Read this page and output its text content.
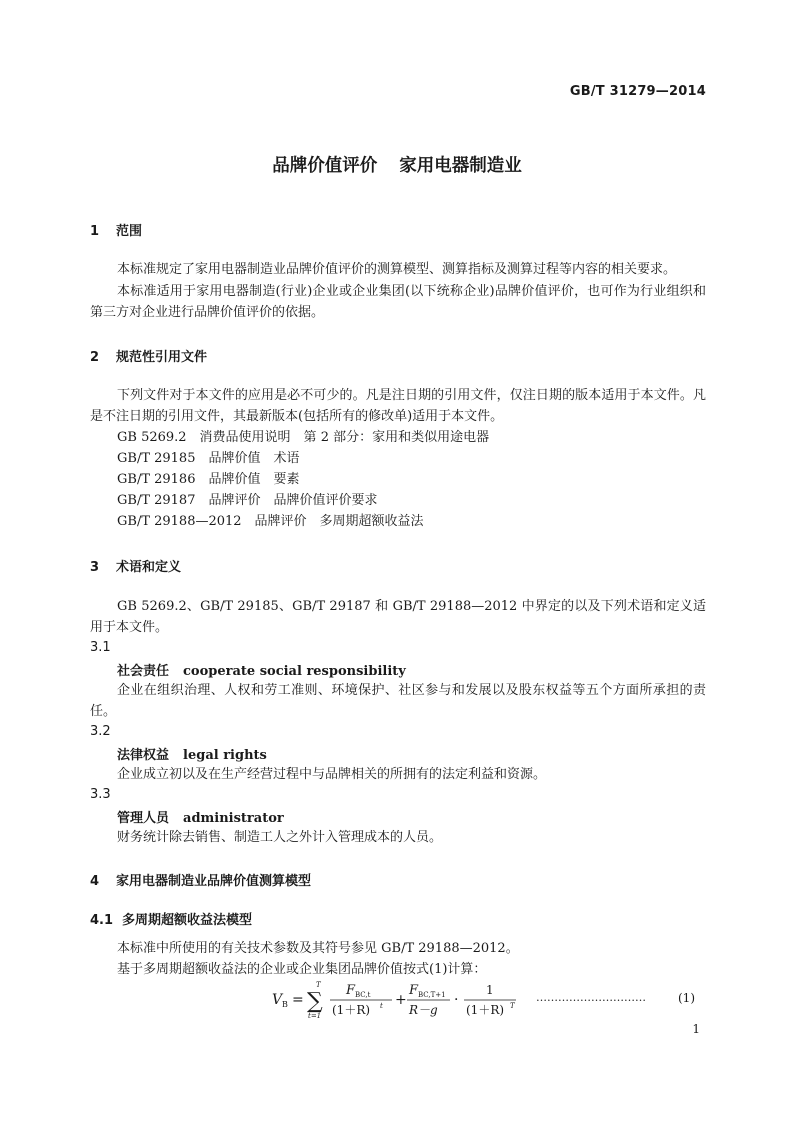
GB/T 31279—2014
品牌价值评价 家用电器制造业
1 范围
本标准规定了家用电器制造业品牌价值评价的测算模型、测算指标及测算过程等内容的相关要求。
本标准适用于家用电器制造(行业)企业或企业集团(以下统称企业)品牌价值评价，也可作为行业组织和第三方对企业进行品牌价值评价的依据。
2 规范性引用文件
下列文件对于本文件的应用是必不可少的。凡是注日期的引用文件，仅注日期的版本适用于本文件。凡是不注日期的引用文件，其最新版本(包括所有的修改单)适用于本文件。
GB 5269.2　消费品使用说明　第 2 部分：家用和类似用途电器
GB/T 29185　品牌价值　术语
GB/T 29186　品牌价值　要素
GB/T 29187　品牌评价　品牌价值评价要求
GB/T 29188—2012　品牌评价　多周期超额收益法
3 术语和定义
GB 5269.2、GB/T 29185、GB/T 29187 和 GB/T 29188—2012 中界定的以及下列术语和定义适用于本文件。
3.1
社会责任 cooperate social responsibility
企业在组织治理、人权和劳工准则、环境保护、社区参与和发展以及股东权益等五个方面所承担的责任。
3.2
法律权益 legal rights
企业成立初以及在生产经营过程中与品牌相关的所拥有的法定利益和资源。
3.3
管理人员 administrator
财务统计除去销售、制造工人之外计入管理成本的人员。
4 家用电器制造业品牌价值测算模型
4.1 多周期超额收益法模型
本标准中所使用的有关技术参数及其符号参见 GB/T 29188—2012。
基于多周期超额收益法的企业或企业集团品牌价值按式(1)计算：
V B =
T
∑
t=1
F BC,t
(1＋R) t +
F BC,T+1
R－g
·
1
(1＋R) T
…………………………	(1)
1
